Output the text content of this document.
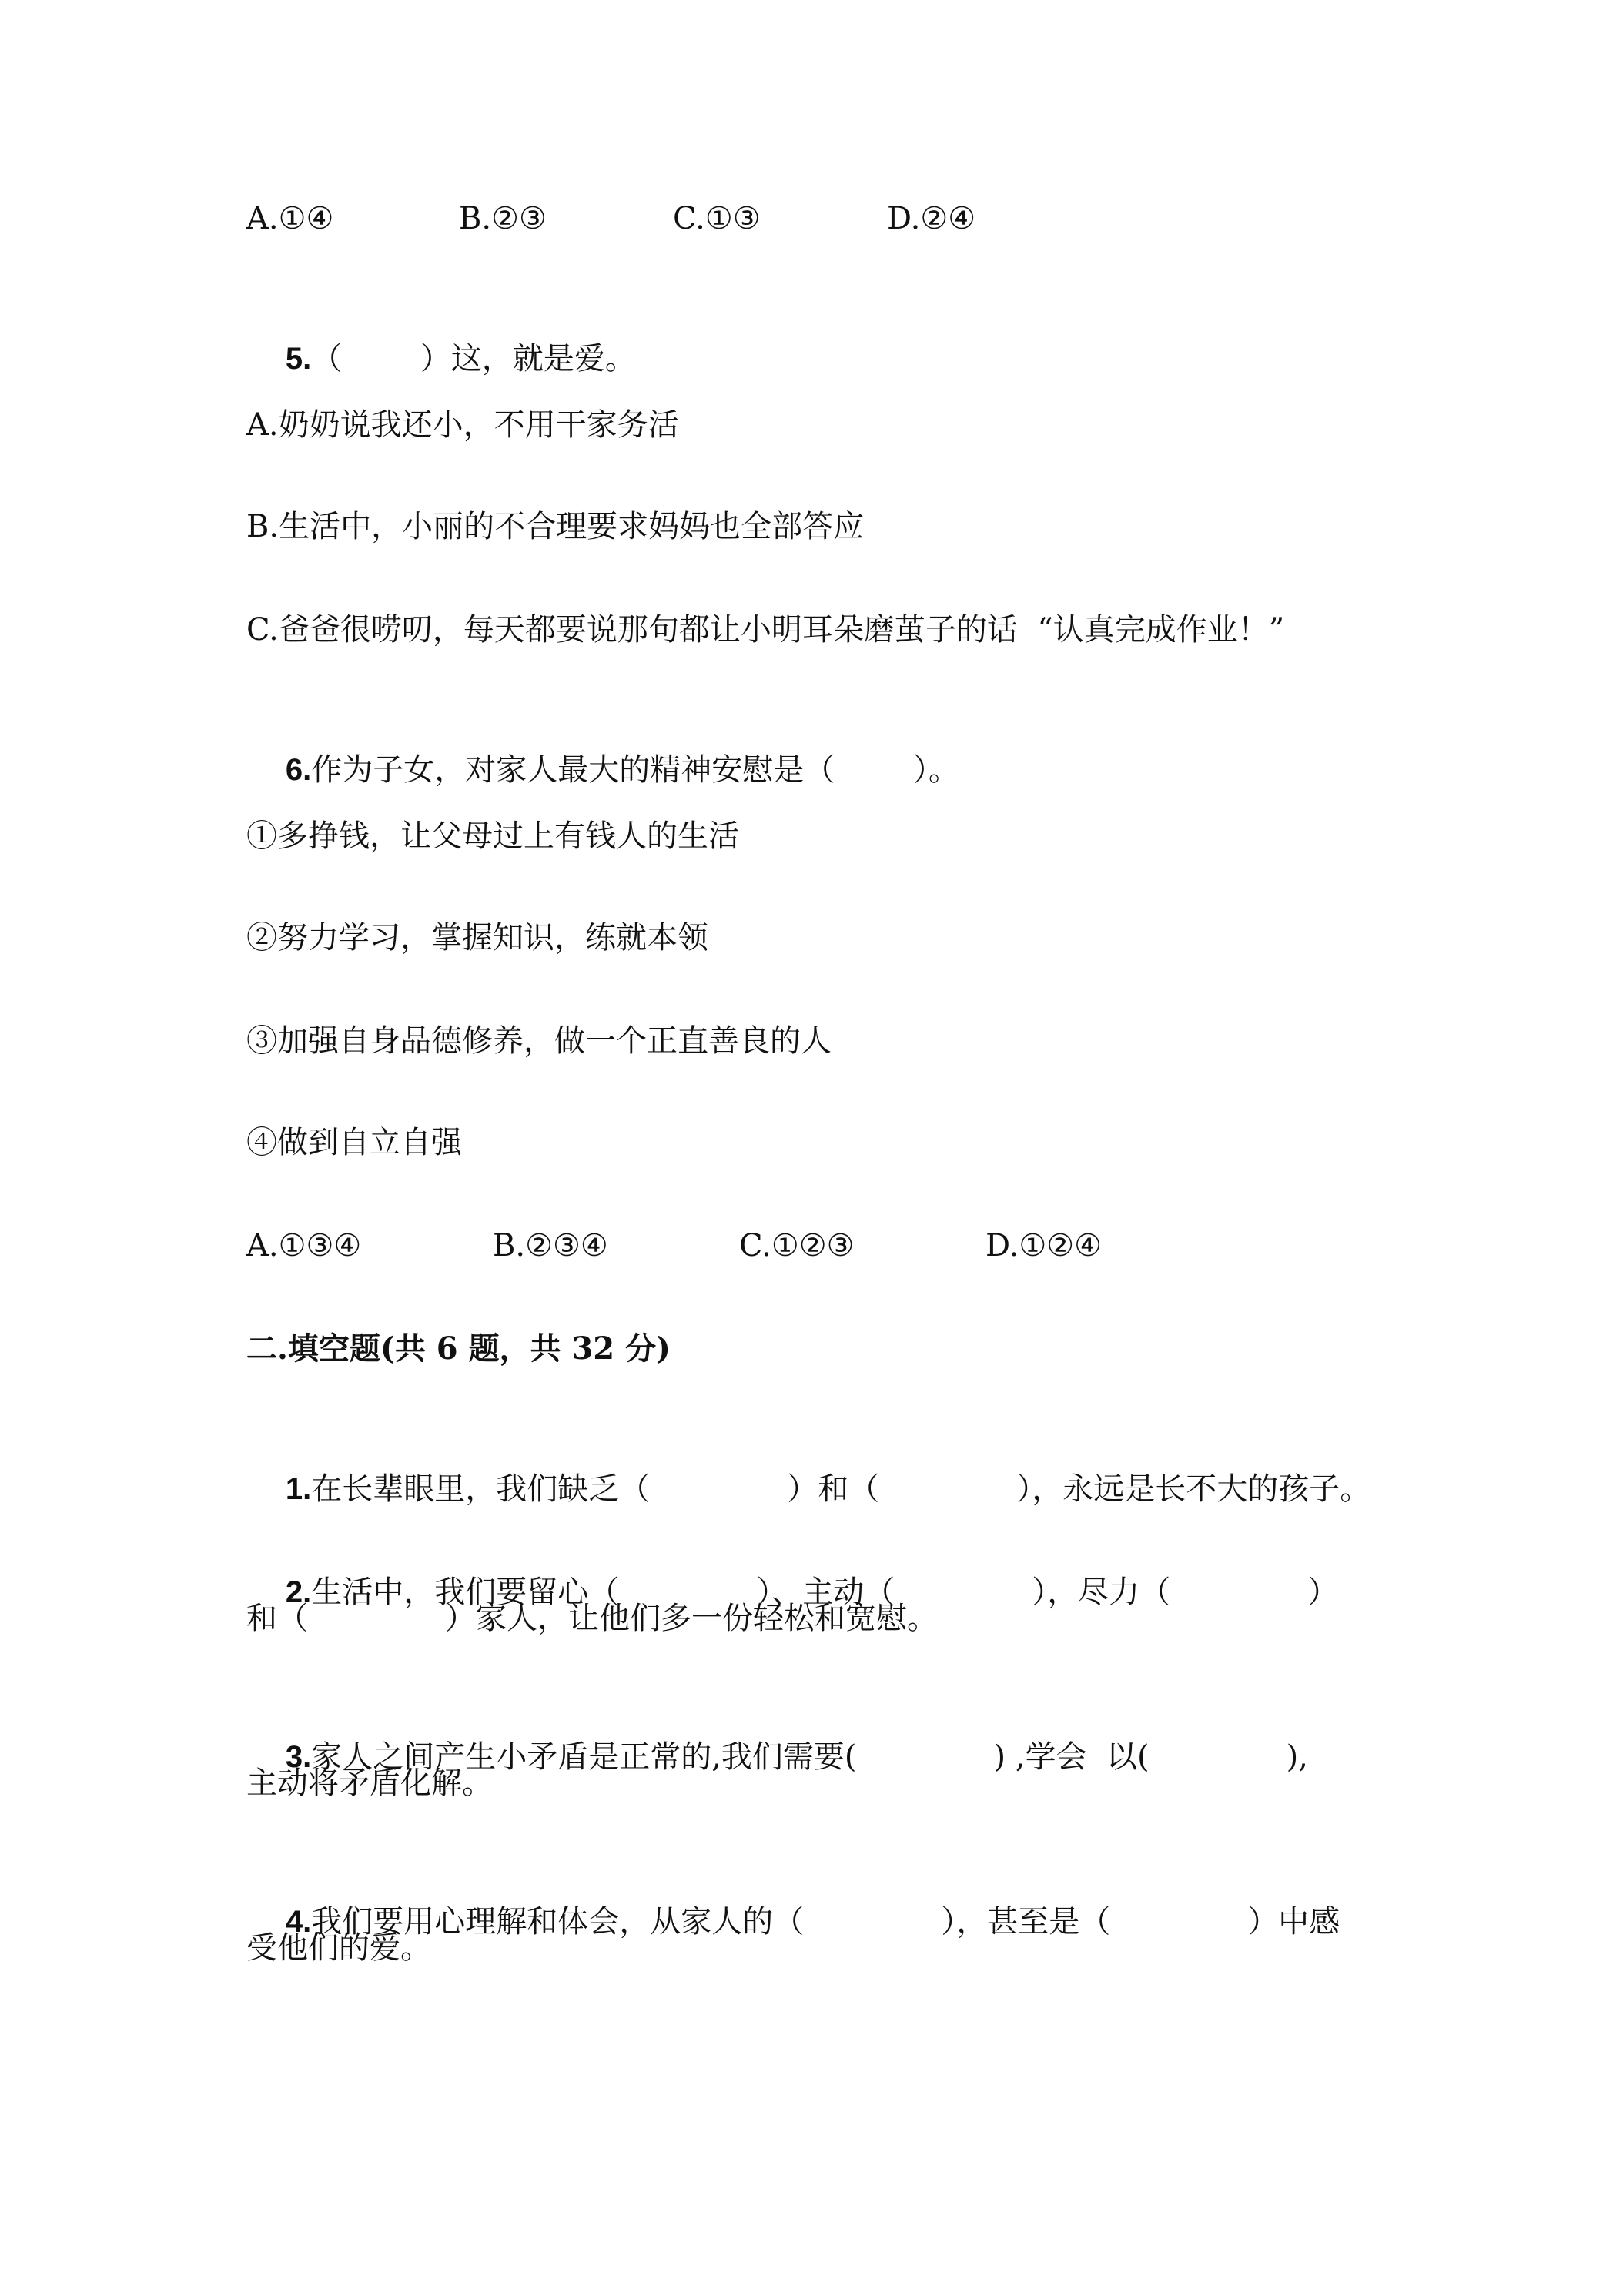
A.①④

	B.②③

	C.①③

	D.②④

5.（        ）这，就是爱。

A.奶奶说我还小，不用干家务活
B.生活中，小丽的不合理要求妈妈也全部答应
C.爸爸很唠叨，每天都要说那句都让小明耳朵磨茧子的话  “认真完成作业！”

6.作为子女，对家人最大的精神安慰是（        ）。

①多挣钱，让父母过上有钱人的生活
②努力学习，掌握知识，练就本领
③加强自身品德修养，做一个正直善良的人
④做到自立自强

A.①③④

	B.②③④

	C.①②③

	D.①②④

二.填空题(共 6 题，共 32 分)

1.在长辈眼里，我们缺乏（              ）和（              ），永远是长不大的孩子。

2.生活中，我们要留心（              ）、主动（              ），尽力（              ）

和（              ）家人，让他们多一份轻松和宽慰。

3.家人之间产生小矛盾是正常的,我们需要(              ) ,学会  以(              ),

主动将矛盾化解。

4.我们要用心理解和体会，从家人的（              ），甚至是（              ）中感

受他们的爱。
